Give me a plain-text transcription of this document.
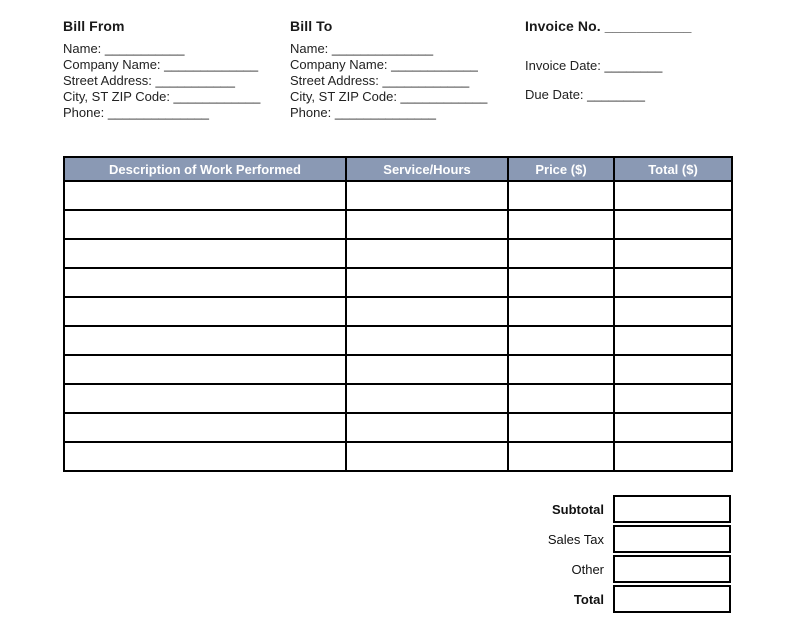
Bill From
Name: ___________
Company Name: _____________
Street Address: ___________
City, ST ZIP Code: ____________
Phone: ______________
Bill To
Name: ______________
Company Name: ____________
Street Address: ____________
City, ST ZIP Code: ____________
Phone: ______________
Invoice No. ___________
Invoice Date: ________
Due Date: ________
Description of Work Performed	Service/Hours	Price ($)	Total ($)

Subtotal
Sales Tax
Other
Total
